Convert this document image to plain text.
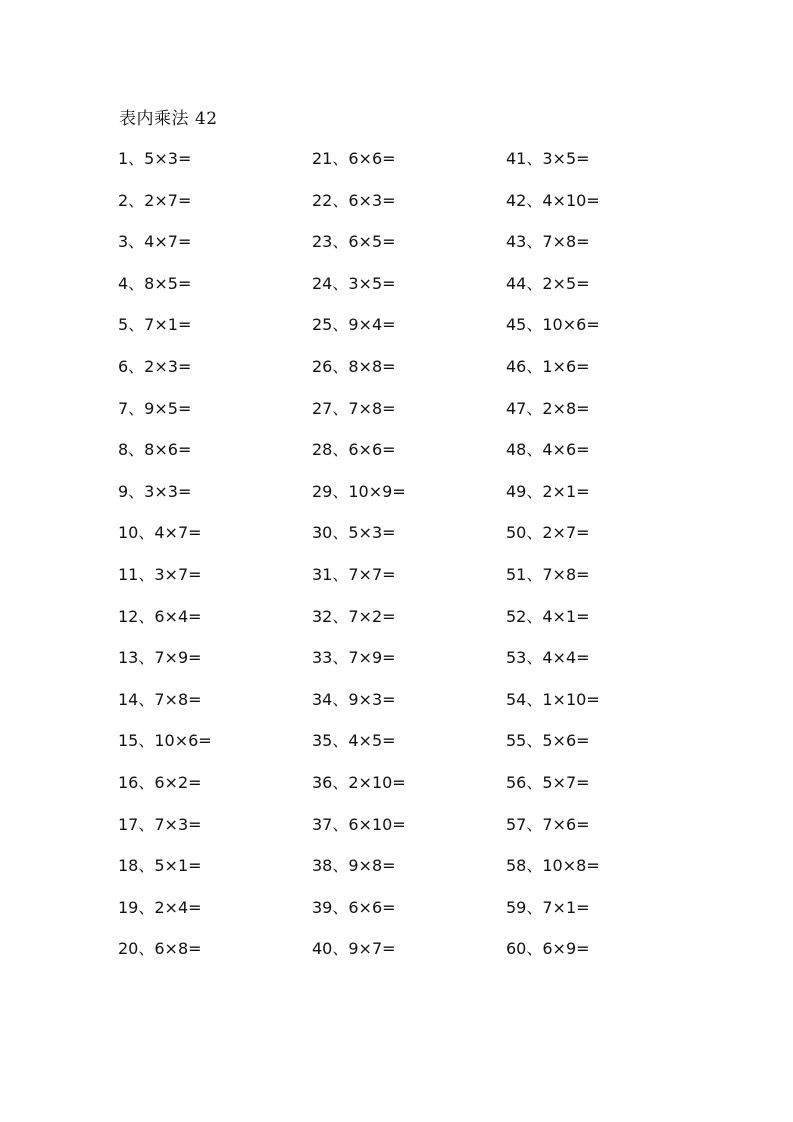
表内乘法 42
1、5×3=
2、2×7=
3、4×7=
4、8×5=
5、7×1=
6、2×3=
7、9×5=
8、8×6=
9、3×3=
10、4×7=
11、3×7=
12、6×4=
13、7×9=
14、7×8=
15、10×6=
16、6×2=
17、7×3=
18、5×1=
19、2×4=
20、6×8=
21、6×6=
22、6×3=
23、6×5=
24、3×5=
25、9×4=
26、8×8=
27、7×8=
28、6×6=
29、10×9=
30、5×3=
31、7×7=
32、7×2=
33、7×9=
34、9×3=
35、4×5=
36、2×10=
37、6×10=
38、9×8=
39、6×6=
40、9×7=
41、3×5=
42、4×10=
43、7×8=
44、2×5=
45、10×6=
46、1×6=
47、2×8=
48、4×6=
49、2×1=
50、2×7=
51、7×8=
52、4×1=
53、4×4=
54、1×10=
55、5×6=
56、5×7=
57、7×6=
58、10×8=
59、7×1=
60、6×9=
